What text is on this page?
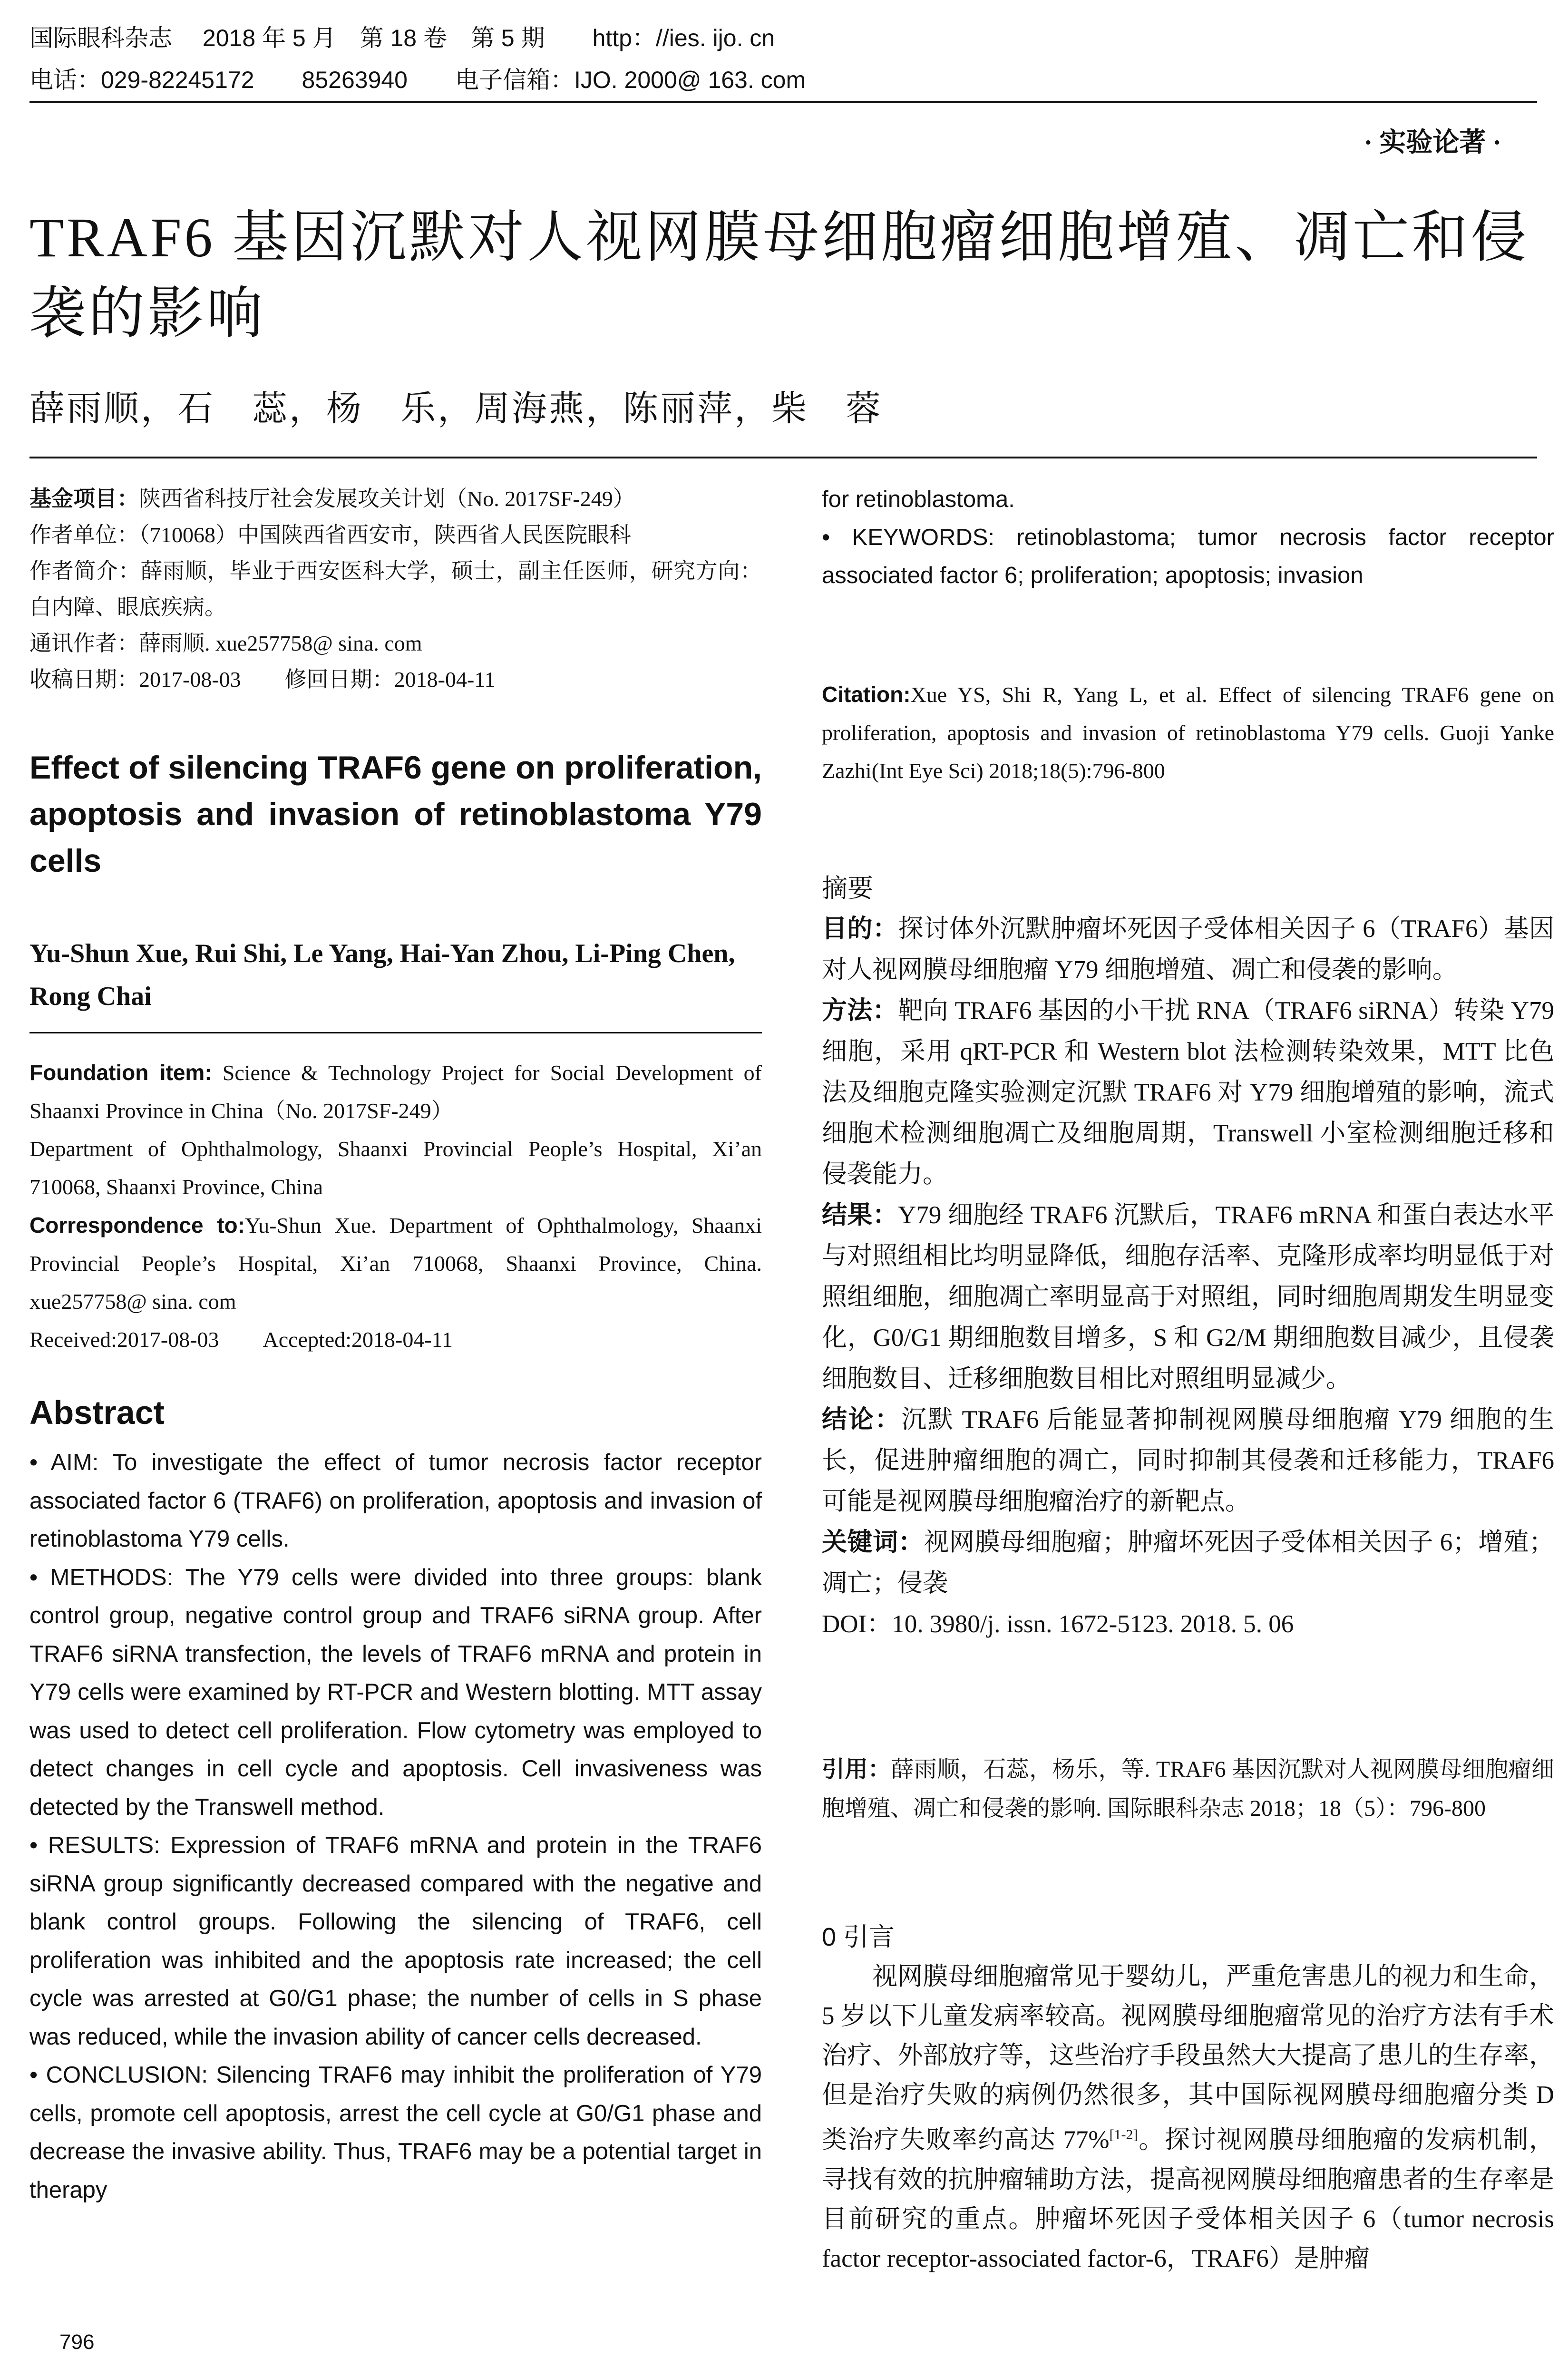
国际眼科杂志　 2018 年 5 月　第 18 卷　第 5 期　　http：//ies. ijo. cn
电话：029-82245172　　85263940　　电子信箱：IJO. 2000@ 163. com
· 实验论著 ·
TRAF6 基因沉默对人视网膜母细胞瘤细胞增殖、凋亡和侵袭的影响
薛雨顺，石　蕊，杨　乐，周海燕，陈丽萍，柴　蓉

基金项目：陕西省科技厅社会发展攻关计划（No. 2017SF-249）

作者单位：（710068）中国陕西省西安市，陕西省人民医院眼科

作者简介：薛雨顺，毕业于西安医科大学，硕士，副主任医师，研究方向：白内障、眼底疾病。

通讯作者：薛雨顺. xue257758@ sina. com

收稿日期：2017-08-03　　修回日期：2018-04-11

Effect of silencing TRAF6 gene on proliferation, apoptosis and invasion of retinoblastoma Y79 cells
Yu-Shun Xue, Rui Shi, Le Yang, Hai-Yan Zhou, Li-Ping Chen, Rong Chai

Foundation item: Science & Technology Project for Social Development of Shaanxi Province in China（No. 2017SF-249）

Department of Ophthalmology, Shaanxi Provincial People’s Hospital, Xi’an 710068, Shaanxi Province, China

Correspondence to:Yu-Shun Xue. Department of Ophthalmology, Shaanxi Provincial People’s Hospital, Xi’an 710068, Shaanxi Province, China. xue257758@ sina. com

Received:2017-08-03　　Accepted:2018-04-11

Abstract

• AIM: To investigate the effect of tumor necrosis factor receptor associated factor 6 (TRAF6) on proliferation, apoptosis and invasion of retinoblastoma Y79 cells.

• METHODS: The Y79 cells were divided into three groups: blank control group, negative control group and TRAF6 siRNA group. After TRAF6 siRNA transfection, the levels of TRAF6 mRNA and protein in Y79 cells were examined by RT-PCR and Western blotting. MTT assay was used to detect cell proliferation. Flow cytometry was employed to detect changes in cell cycle and apoptosis. Cell invasiveness was detected by the Transwell method.

• RESULTS: Expression of TRAF6 mRNA and protein in the TRAF6 siRNA group significantly decreased compared with the negative and blank control groups. Following the silencing of TRAF6, cell proliferation was inhibited and the apoptosis rate increased; the cell cycle was arrested at G0/G1 phase; the number of cells in S phase was reduced, while the invasion ability of cancer cells decreased.

• CONCLUSION: Silencing TRAF6 may inhibit the proliferation of Y79 cells, promote cell apoptosis, arrest the cell cycle at G0/G1 phase and decrease the invasive ability. Thus, TRAF6 may be a potential target in therapy

796

for retinoblastoma.

• KEYWORDS: retinoblastoma; tumor necrosis factor receptor associated factor 6; proliferation; apoptosis; invasion

Citation:Xue YS, Shi R, Yang L, et al. Effect of silencing TRAF6 gene on proliferation, apoptosis and invasion of retinoblastoma Y79 cells. Guoji Yanke Zazhi(Int Eye Sci) 2018;18(5):796-800
摘要

目的：探讨体外沉默肿瘤坏死因子受体相关因子 6（TRAF6）基因对人视网膜母细胞瘤 Y79 细胞增殖、凋亡和侵袭的影响。

方法：靶向 TRAF6 基因的小干扰 RNA（TRAF6 siRNA）转染 Y79 细胞，采用 qRT-PCR 和 Western blot 法检测转染效果，MTT 比色法及细胞克隆实验测定沉默 TRAF6 对 Y79 细胞增殖的影响，流式细胞术检测细胞凋亡及细胞周期，Transwell 小室检测细胞迁移和侵袭能力。

结果：Y79 细胞经 TRAF6 沉默后，TRAF6 mRNA 和蛋白表达水平与对照组相比均明显降低，细胞存活率、克隆形成率均明显低于对照组细胞，细胞凋亡率明显高于对照组，同时细胞周期发生明显变化，G0/G1 期细胞数目增多，S 和 G2/M 期细胞数目减少，且侵袭细胞数目、迁移细胞数目相比对照组明显减少。

结论：沉默 TRAF6 后能显著抑制视网膜母细胞瘤 Y79 细胞的生长，促进肿瘤细胞的凋亡，同时抑制其侵袭和迁移能力，TRAF6 可能是视网膜母细胞瘤治疗的新靶点。

关键词：视网膜母细胞瘤；肿瘤坏死因子受体相关因子 6；增殖；凋亡；侵袭

DOI：10. 3980/j. issn. 1672-5123. 2018. 5. 06

引用：薛雨顺，石蕊，杨乐，等. TRAF6 基因沉默对人视网膜母细胞瘤细胞增殖、凋亡和侵袭的影响. 国际眼科杂志 2018；18（5）：796-800
0 引言
视网膜母细胞瘤常见于婴幼儿，严重危害患儿的视力和生命，5 岁以下儿童发病率较高。视网膜母细胞瘤常见的治疗方法有手术治疗、外部放疗等，这些治疗手段虽然大大提高了患儿的生存率，但是治疗失败的病例仍然很多，其中国际视网膜母细胞瘤分类 D 类治疗失败率约高达 77%[1-2]。探讨视网膜母细胞瘤的发病机制，寻找有效的抗肿瘤辅助方法，提高视网膜母细胞瘤患者的生存率是目前研究的重点。肿瘤坏死因子受体相关因子 6（tumor necrosis factor receptor-associated factor-6，TRAF6）是肿瘤
